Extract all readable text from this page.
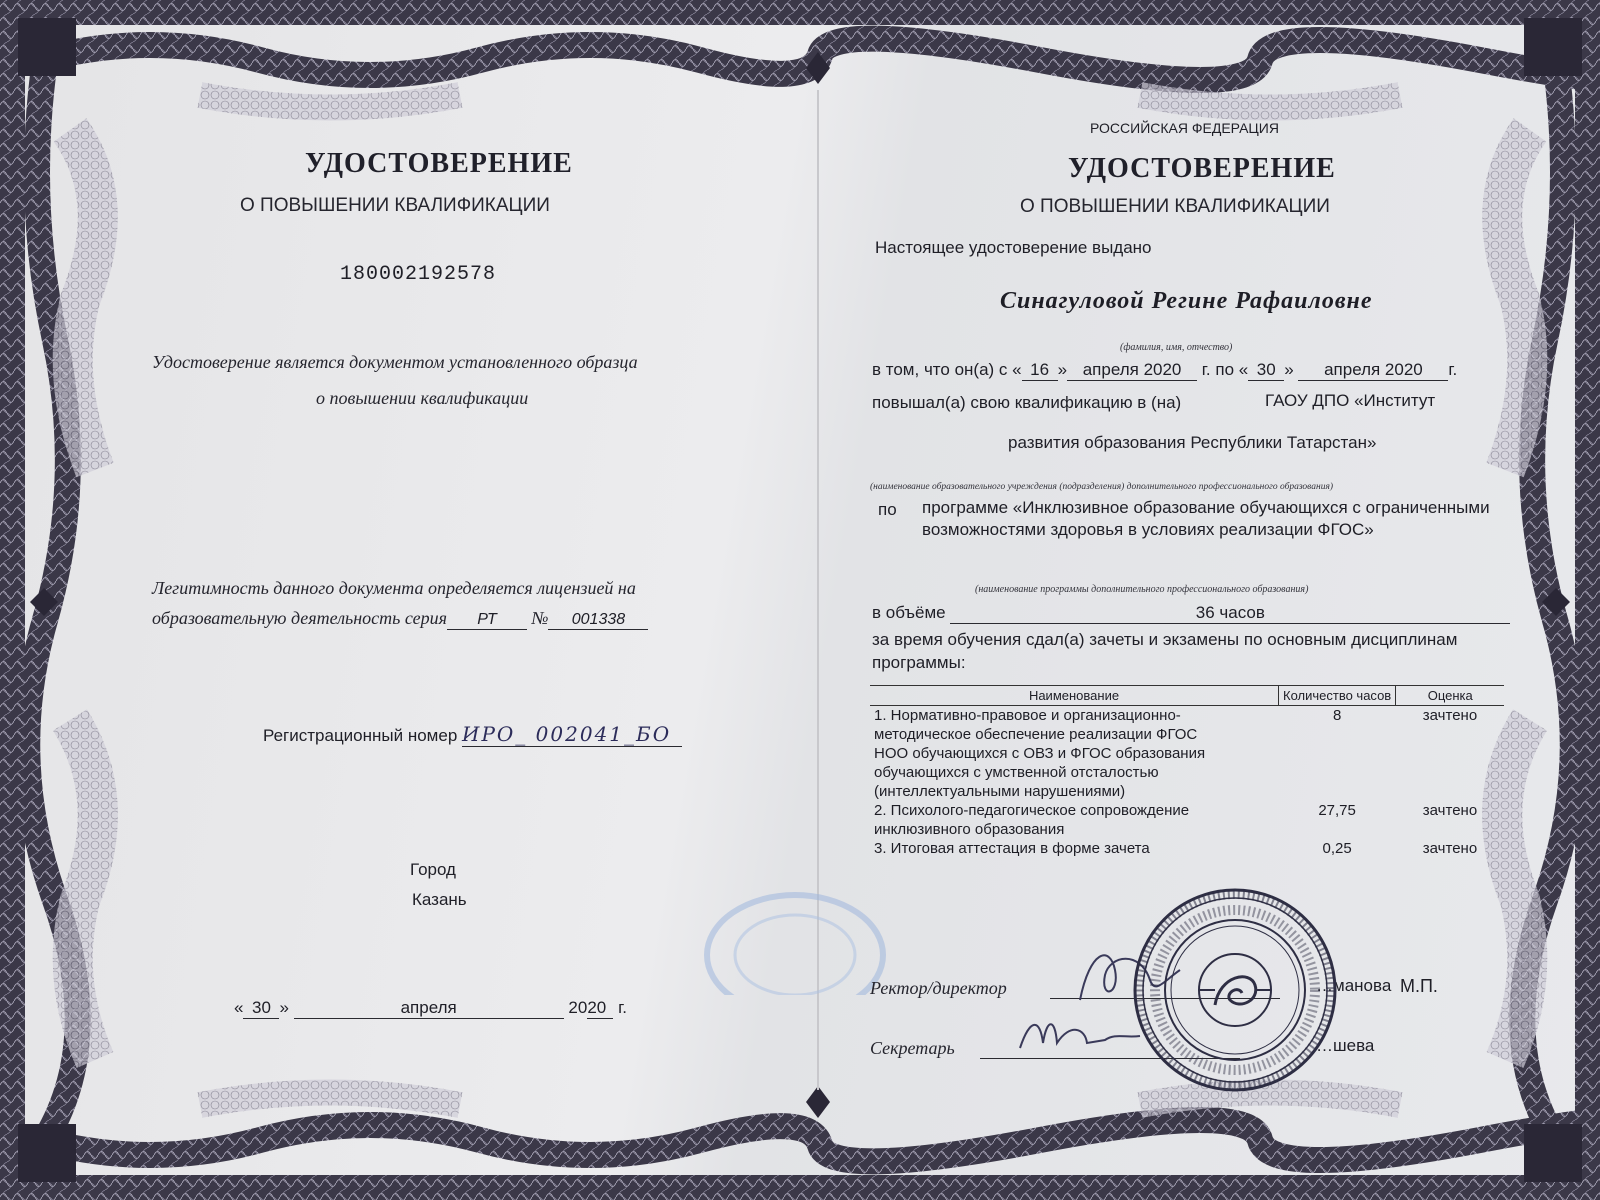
УДОСТОВЕРЕНИЕ
О ПОВЫШЕНИИ КВАЛИФИКАЦИИ
180002192578
Удостоверение является документом установленного образца
о повышении квалификации
Легитимность данного документа определяется лицензией на
образовательную деятельность серия РТ № 001338
Регистрационный номер ИРО_ 002041_БО
Город
Казань
« 30 »	апреля	2020 г.
РОССИЙСКАЯ ФЕДЕРАЦИЯ
УДОСТОВЕРЕНИЕ
О ПОВЫШЕНИИ КВАЛИФИКАЦИИ
Настоящее удостоверение выдано
Синагуловой Регине Рафаиловне
(фамилия, имя, отчество)
в том, что он(а) с « 16 » апреля 2020 г. по « 30 » апреля 2020 г.
повышал(а) свою квалификацию в (на)	ГАОУ ДПО «Институт
развития образования Республики Татарстан»
(наименование образовательного учреждения (подразделения) дополнительного профессионального образования)
по программе «Инклюзивное образование обучающихся с ограниченными
возможностями здоровья в условиях реализации ФГОС»
(наименование программы дополнительного профессионального образования)
в объёме	36 часов
за время обучения сдал(а) зачеты и экзамены по основным дисциплинам
программы:
Наименование	Количество часов	Оценка

1. Нормативно-правовое и организационно-
методическое обеспечение реализации ФГОС
НОО обучающихся с ОВЗ и ФГОС образования
обучающихся с умственной отсталостью
(интеллектуальными нарушениями)	8	зачтено

2. Психолого-педагогическое сопровождение
инклюзивного образования	27,75	зачтено

3. Итоговая аттестация в форме зачета	0,25	зачтено
Ректор/директор	…манова М.П.
Секретарь	…шева
